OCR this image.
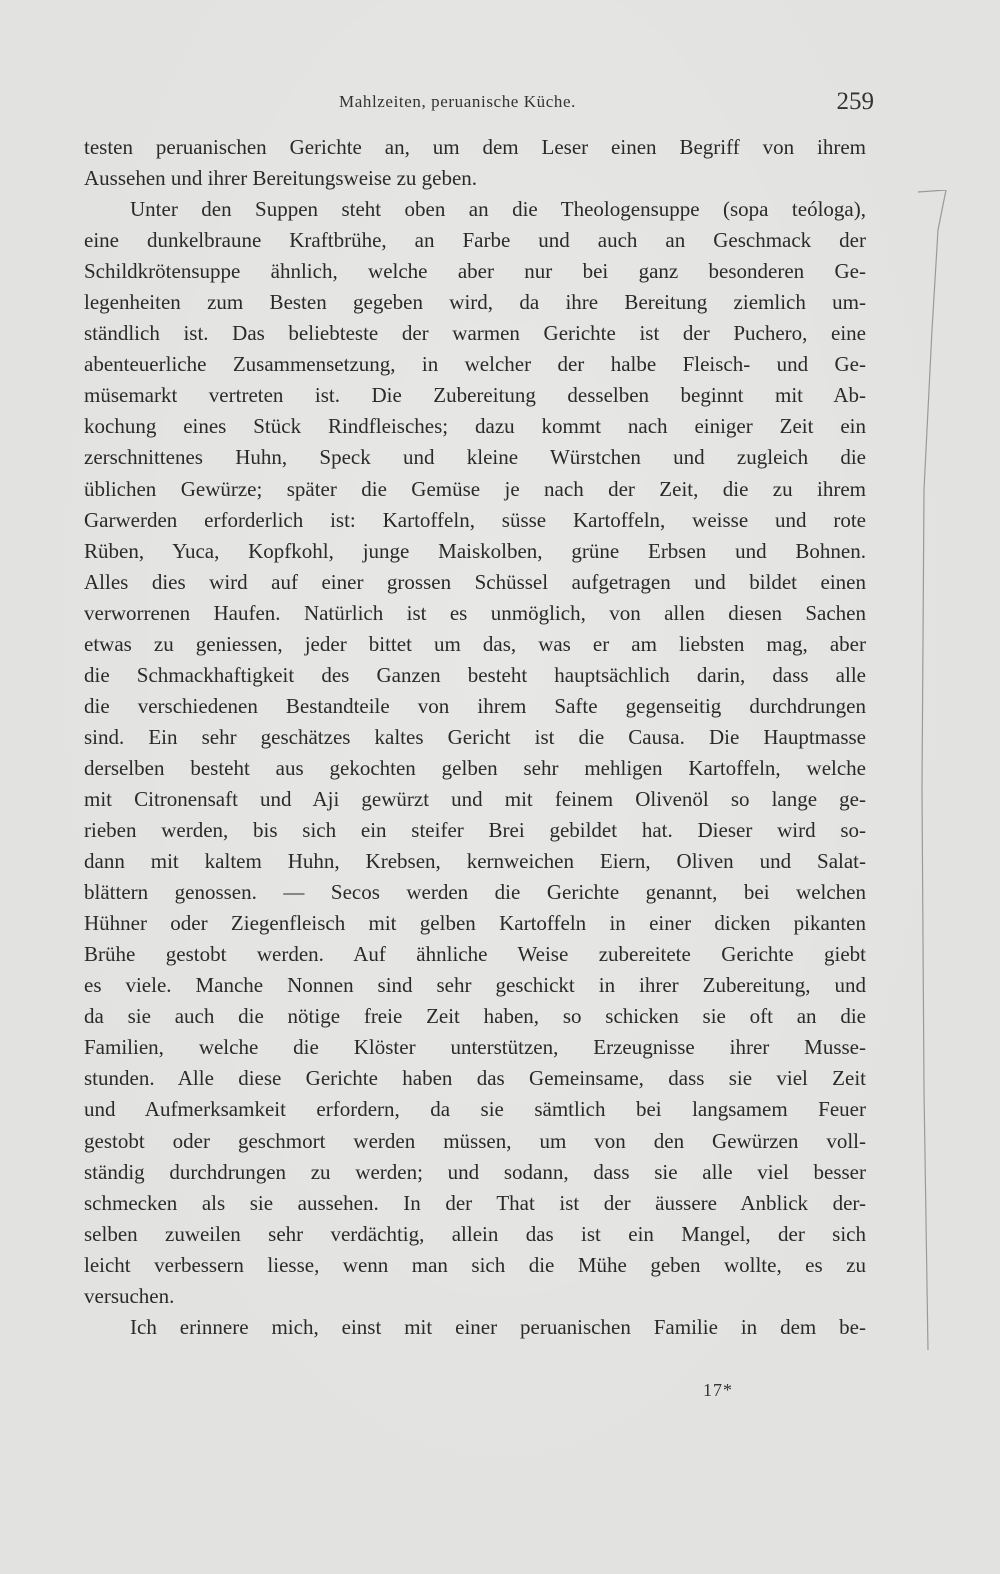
Mahlzeiten, peruanische Küche.	259
testen peruanischen Gerichte an, um dem Leser einen Begriff von ihrem
Aussehen und ihrer Bereitungsweise zu geben.
Unter den Suppen steht oben an die Theologensuppe (sopa teóloga),
eine dunkelbraune Kraftbrühe, an Farbe und auch an Geschmack der
Schildkrötensuppe ähnlich, welche aber nur bei ganz besonderen Ge-
legenheiten zum Besten gegeben wird, da ihre Bereitung ziemlich um-
ständlich ist. Das beliebteste der warmen Gerichte ist der Puchero, eine
abenteuerliche Zusammensetzung, in welcher der halbe Fleisch- und Ge-
müsemarkt vertreten ist. Die Zubereitung desselben beginnt mit Ab-
kochung eines Stück Rindfleisches; dazu kommt nach einiger Zeit ein
zerschnittenes Huhn, Speck und kleine Würstchen und zugleich die
üblichen Gewürze; später die Gemüse je nach der Zeit, die zu ihrem
Garwerden erforderlich ist: Kartoffeln, süsse Kartoffeln, weisse und rote
Rüben, Yuca, Kopfkohl, junge Maiskolben, grüne Erbsen und Bohnen.
Alles dies wird auf einer grossen Schüssel aufgetragen und bildet einen
verworrenen Haufen. Natürlich ist es unmöglich, von allen diesen Sachen
etwas zu geniessen, jeder bittet um das, was er am liebsten mag, aber
die Schmackhaftigkeit des Ganzen besteht hauptsächlich darin, dass alle
die verschiedenen Bestandteile von ihrem Safte gegenseitig durchdrungen
sind. Ein sehr geschätzes kaltes Gericht ist die Causa. Die Hauptmasse
derselben besteht aus gekochten gelben sehr mehligen Kartoffeln, welche
mit Citronensaft und Aji gewürzt und mit feinem Olivenöl so lange ge-
rieben werden, bis sich ein steifer Brei gebildet hat. Dieser wird so-
dann mit kaltem Huhn, Krebsen, kernweichen Eiern, Oliven und Salat-
blättern genossen. — Secos werden die Gerichte genannt, bei welchen
Hühner oder Ziegenfleisch mit gelben Kartoffeln in einer dicken pikanten
Brühe gestobt werden. Auf ähnliche Weise zubereitete Gerichte giebt
es viele. Manche Nonnen sind sehr geschickt in ihrer Zubereitung, und
da sie auch die nötige freie Zeit haben, so schicken sie oft an die
Familien, welche die Klöster unterstützen, Erzeugnisse ihrer Musse-
stunden. Alle diese Gerichte haben das Gemeinsame, dass sie viel Zeit
und Aufmerksamkeit erfordern, da sie sämtlich bei langsamem Feuer
gestobt oder geschmort werden müssen, um von den Gewürzen voll-
ständig durchdrungen zu werden; und sodann, dass sie alle viel besser
schmecken als sie aussehen. In der That ist der äussere Anblick der-
selben zuweilen sehr verdächtig, allein das ist ein Mangel, der sich
leicht verbessern liesse, wenn man sich die Mühe geben wollte, es zu
versuchen.
Ich erinnere mich, einst mit einer peruanischen Familie in dem be-
17*
